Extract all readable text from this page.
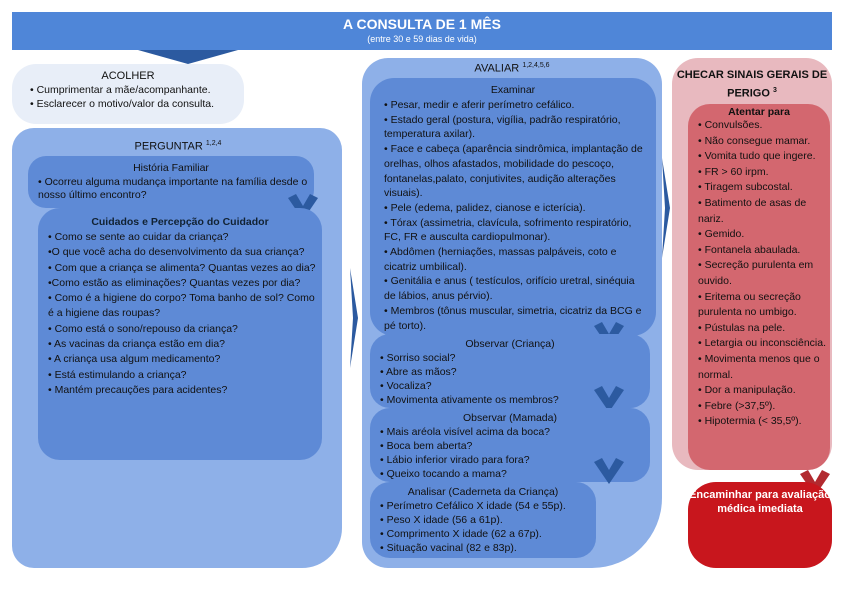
A CONSULTA DE 1 MÊS
(entre 30 e 59 dias de vida)
ACOLHER
• Cumprimentar a mãe/acompanhante.
• Esclarecer o motivo/valor da consulta.
PERGUNTAR $^{1,2,4}$
História Familiar
• Ocorreu alguma mudança importante na família desde o nosso último encontro?
Cuidados e Percepção do Cuidador
• Como se sente ao cuidar da criança?
•O que você acha do desenvolvimento da sua criança?
• Com que a criança se alimenta? Quantas vezes ao dia?
•Como estão as eliminações? Quantas vezes por dia?
• Como é a higiene do corpo? Toma banho de sol? Como é a higiene das roupas?
• Como está o sono/repouso da criança?
• As vacinas da criança estão em dia?
• A criança usa algum medicamento?
• Está estimulando a criança?
• Mantém precauções para acidentes?
AVALIAR $^{1,2,4,5,6}$
Examinar
• Pesar, medir e aferir perímetro cefálico.
• Estado geral (postura, vigília, padrão respiratório, temperatura axilar).
• Face e cabeça (aparência sindrômica, implantação de orelhas, olhos afastados, mobilidade do pescoço, fontanelas,palato, conjutivites, audição alterações visuais).
• Pele (edema, palidez, cianose e icterícia).
• Tórax (assimetria, clavícula, sofrimento respiratório, FC, FR e ausculta cardiopulmonar).
• Abdômen (herniações, massas palpáveis, coto e cicatriz umbilical).
• Genitália e anus ( testículos, orifício uretral, sinéquia de lábios, anus pérvio).
• Membros (tônus muscular, simetria, cicatriz da BCG e pé torto).
Observar (Criança)
• Sorriso social?
• Abre as mãos?
• Vocaliza?
• Movimenta ativamente os membros?
Observar (Mamada)
• Mais aréola visível acima da boca?
• Boca bem aberta?
• Lábio inferior virado para fora?
• Queixo tocando a mama?
Analisar (Caderneta da Criança)
• Perímetro Cefálico X idade (54 e 55p).
• Peso X idade (56 a 61p).
• Comprimento X idade (62 a 67p).
• Situação vacinal (82 e 83p).
CHECAR SINAIS GERAIS DE PERIGO $^3$
Atentar para
• Convulsões.
• Não consegue mamar.
• Vomita tudo que ingere.
• FR > 60 irpm.
• Tiragem subcostal.
• Batimento de asas de nariz.
• Gemido.
• Fontanela abaulada.
• Secreção purulenta em ouvido.
• Eritema ou secreção purulenta no umbigo.
• Pústulas na pele.
• Letargia ou inconsciência.
• Movimenta menos que o normal.
• Dor a manipulação.
• Febre (>37,5º).
• Hipotermia (< 35,5º).
Encaminhar para avaliação médica imediata
